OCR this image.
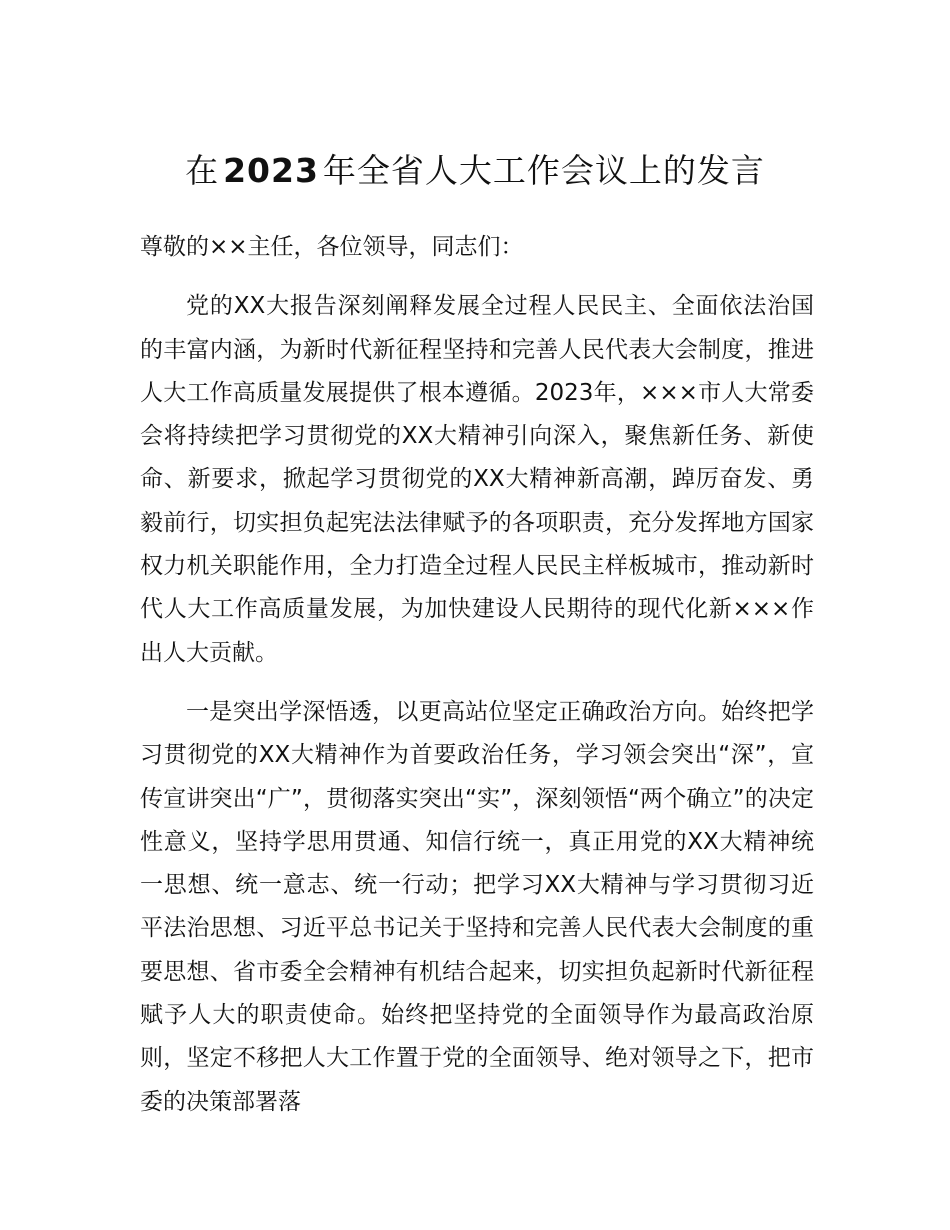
在 2023 年全省人大工作会议上的发言

尊敬的××主任，各位领导，同志们：

党的XX大报告深刻阐释发展全过程人民民主、全面依法治国的丰富内涵，为新时代新征程坚持和完善人民代表大会制度，推进人大工作高质量发展提供了根本遵循。2023年，×××市人大常委会将持续把学习贯彻党的XX大精神引向深入，聚焦新任务、新使命、新要求，掀起学习贯彻党的XX大精神新高潮，踔厉奋发、勇毅前行，切实担负起宪法法律赋予的各项职责，充分发挥地方国家权力机关职能作用，全力打造全过程人民民主样板城市，推动新时代人大工作高质量发展，为加快建设人民期待的现代化新×××作出人大贡献。

一是突出学深悟透，以更高站位坚定正确政治方向。始终把学习贯彻党的XX大精神作为首要政治任务，学习领会突出“深”，宣传宣讲突出“广”，贯彻落实突出“实”，深刻领悟“两个确立”的决定性意义，坚持学思用贯通、知信行统一，真正用党的XX大精神统一思想、统一意志、统一行动；把学习XX大精神与学习贯彻习近平法治思想、习近平总书记关于坚持和完善人民代表大会制度的重要思想、省市委全会精神有机结合起来，切实担负起新时代新征程赋予人大的职责使命。始终把坚持党的全面领导作为最高政治原则，坚定不移把人大工作置于党的全面领导、绝对领导之下，把市委的决策部署落
